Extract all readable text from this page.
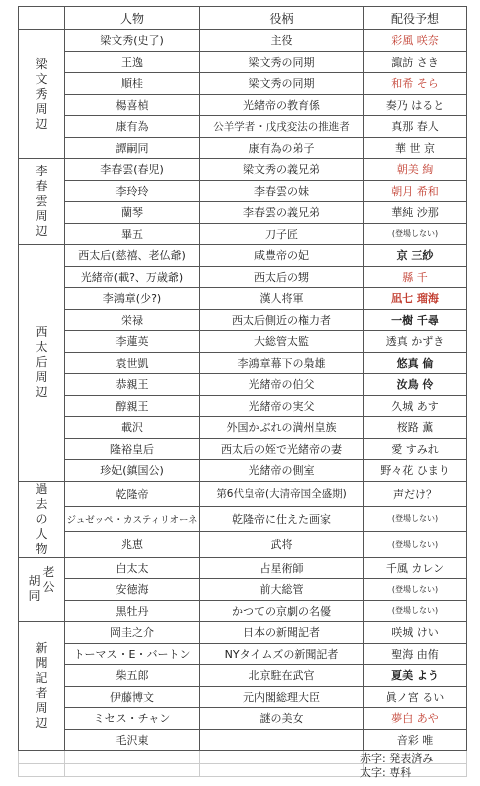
	人物	役柄	配役予想
梁文秀周辺	梁文秀(史了)	主役	彩風 咲奈
	王逸	梁文秀の同期	諏訪 さき
	順桂	梁文秀の同期	和希 そら
	楊喜楨	光緒帝の教育係	奏乃 はると
	康有為	公羊学者・戊戌変法の推進者	真那 春人
	譚嗣同	康有為の弟子	華 世 京
李春雲周辺	李春雲(春児)	梁文秀の義兄弟	朝美 絢
	李玲玲	李春雲の妹	朝月 希和
	蘭琴	李春雲の義兄弟	華純 沙那
	畢五	刀子匠	(登場しない)
西太后周辺	西太后(慈禧、老仏爺)	咸豊帝の妃	京 三紗
	光緒帝(載?、万歳爺)	西太后の甥	縣 千
	李鴻章(少?)	漢人将軍	凪七 瑠海
	栄禄	西太后側近の権力者	一樹 千尋
	李蓮英	大総管太監	透真 かずき
	袁世凱	李鴻章幕下の梟雄	悠真 倫
	恭親王	光緒帝の伯父	汝鳥 伶
	醇親王	光緒帝の実父	久城 あす
	載沢	外国かぶれの満州皇族	桜路 薫
	隆裕皇后	西太后の姪で光緒帝の妻	愛 すみれ
	珍妃(鎮国公)	光緒帝の側室	野々花 ひまり
過去の人物	乾隆帝	第6代皇帝(大清帝国全盛期)	声だけ？
	ジュゼッペ・カスティリオーネ	乾隆帝に仕えた画家	(登場しない)
	兆恵	武将	(登場しない)
胡同老公	白太太	占星術師	千風 カレン
	安徳海	前大総管	(登場しない)
	黒牡丹	かつての京劇の名優	(登場しない)
新聞記者周辺	岡圭之介	日本の新聞記者	咲城 けい
	トーマス・E・バートン	NYタイムズの新聞記者	聖海 由侑
	柴五郎	北京駐在武官	夏美 よう
	伊藤博文	元内閣総理大臣	眞ノ宮 るい
	ミセス・チャン	謎の美女	夢白 あや
	毛沢東		音彩 唯

赤字: 発表済み
太字: 専科
